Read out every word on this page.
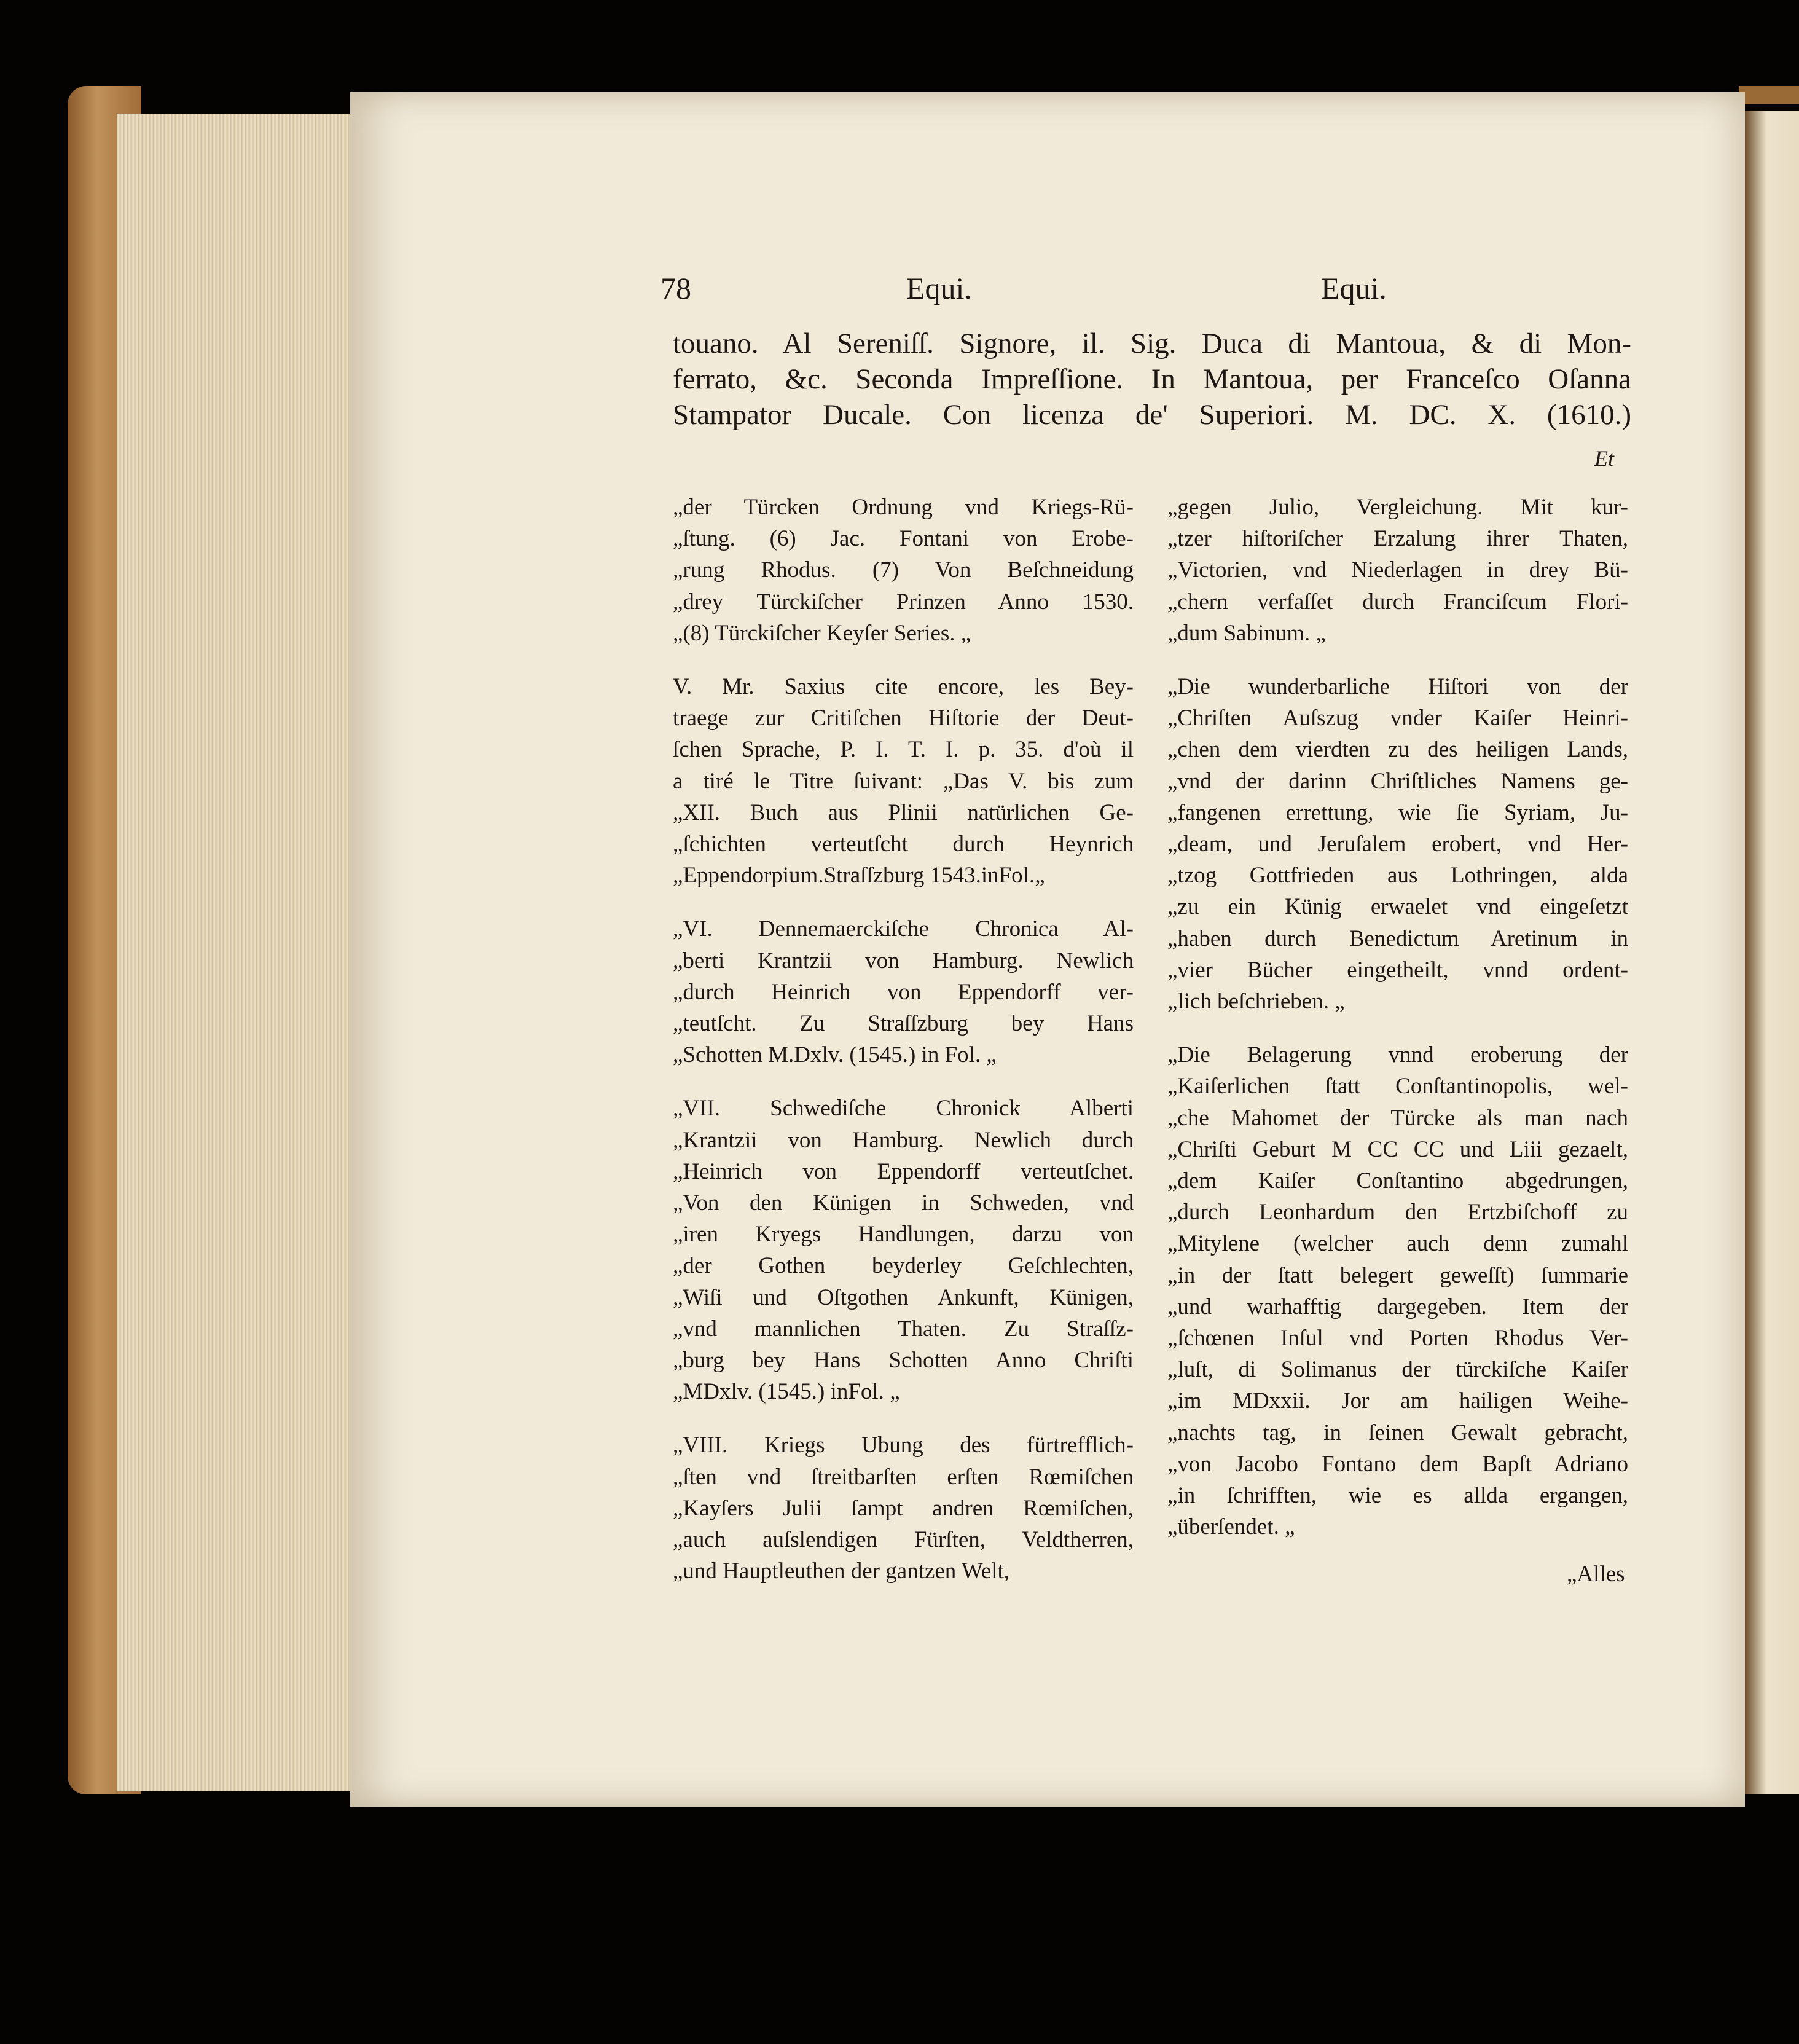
78	Equi.	Equi.
touano. Al Sereniſſ. Signore, il. Sig. Duca di Mantoua, & di Mon-
ferrato, &c. Seconda Impreſſione. In Mantoua, per Franceſco Oſanna
Stampator Ducale. Con licenza de' Superiori. M. DC. X. (1610.)
Et
„der Türcken Ordnung vnd Kriegs-Rü-
„ſtung. (6) Jac. Fontani von Erobe-
„rung Rhodus. (7) Von Beſchneidung
„drey Türckiſcher Prinzen Anno 1530.
„(8) Türckiſcher Keyſer Series. „
V. Mr. Saxius cite encore, les Bey-
traege zur Critiſchen Hiſtorie der Deut-
ſchen Sprache, P. I. T. I. p. 35. d'où il
a tiré le Titre ſuivant: „Das V. bis zum
„XII. Buch aus Plinii natürlichen Ge-
„ſchichten verteutſcht durch Heynrich
„Eppendorpium.Straſſzburg 1543.inFol.„
„VI. Dennemaerckiſche Chronica Al-
„berti Krantzii von Hamburg. Newlich
„durch Heinrich von Eppendorff ver-
„teutſcht. Zu Straſſzburg bey Hans
„Schotten M.Dxlv. (1545.) in Fol. „
„VII. Schwediſche Chronick Alberti
„Krantzii von Hamburg. Newlich durch
„Heinrich von Eppendorff verteutſchet.
„Von den Künigen in Schweden, vnd
„iren Kryegs Handlungen, darzu von
„der Gothen beyderley Geſchlechten,
„Wiſi und Oſtgothen Ankunft, Künigen,
„vnd mannlichen Thaten. Zu Straſſz-
„burg bey Hans Schotten Anno Chriſti
„MDxlv. (1545.) inFol. „
„VIII. Kriegs Ubung des fürtrefflich-
„ſten vnd ſtreitbarſten erſten Rœmiſchen
„Kayſers Julii ſampt andren Rœmiſchen,
„auch auſslendigen Fürſten, Veldtherren,
„und Hauptleuthen der gantzen Welt,
„gegen Julio, Vergleichung. Mit kur-
„tzer hiſtoriſcher Erzalung ihrer Thaten,
„Victorien, vnd Niederlagen in drey Bü-
„chern verfaſſet durch Franciſcum Flori-
„dum Sabinum. „
„Die wunderbarliche Hiſtori von der
„Chriſten Auſszug vnder Kaiſer Heinri-
„chen dem vierdten zu des heiligen Lands,
„vnd der darinn Chriſtliches Namens ge-
„fangenen errettung, wie ſie Syriam, Ju-
„deam, und Jeruſalem erobert, vnd Her-
„tzog Gottfrieden aus Lothringen, alda
„zu ein Künig erwaelet vnd eingeſetzt
„haben durch Benedictum Aretinum in
„vier Bücher eingetheilt, vnnd ordent-
„lich beſchrieben. „
„Die Belagerung vnnd eroberung der
„Kaiſerlichen ſtatt Conſtantinopolis, wel-
„che Mahomet der Türcke als man nach
„Chriſti Geburt M CC CC und Liii gezaelt,
„dem Kaiſer Conſtantino abgedrungen,
„durch Leonhardum den Ertzbiſchoff zu
„Mitylene (welcher auch denn zumahl
„in der ſtatt belegert geweſſt) ſummarie
„und warhafftig dargegeben. Item der
„ſchœnen Inſul vnd Porten Rhodus Ver-
„luſt, di Solimanus der türckiſche Kaiſer
„im MDxxii. Jor am hailigen Weihe-
„nachts tag, in ſeinen Gewalt gebracht,
„von Jacobo Fontano dem Bapſt Adriano
„in ſchrifften, wie es allda ergangen,
„überſendet. „
„Alles
